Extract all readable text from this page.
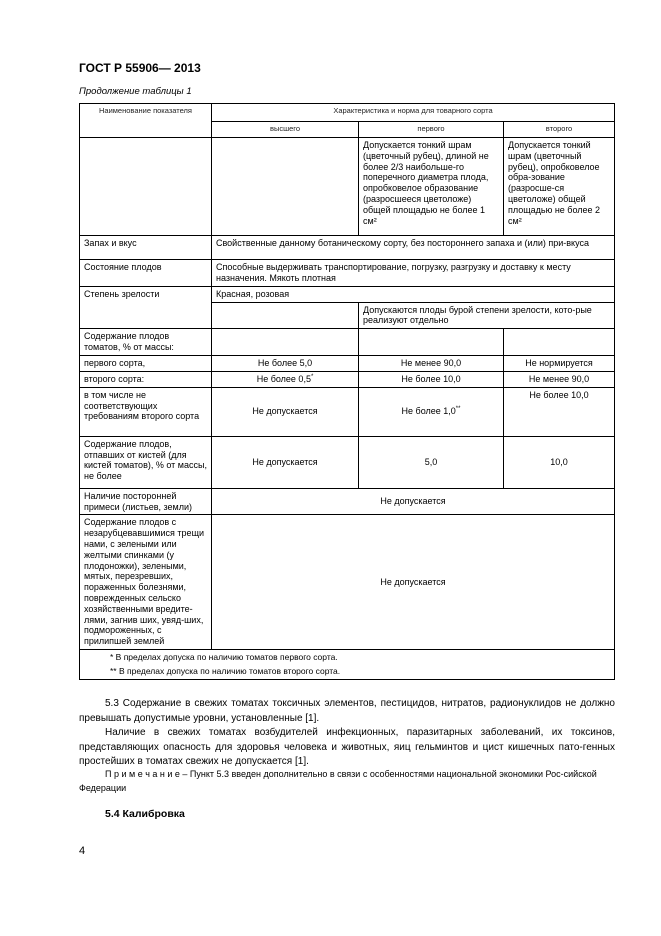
ГОСТ Р 55906— 2013
Продолжение таблицы 1
Наименование показателя	Характеристика и норма для товарного сорта		
	высшего	первого	второго
		Допускается тонкий шрам (цветочный рубец), длиной не более 2/3 наибольше-го поперечного диаметра плода, опробковелое образование (разросшееся цветоложе) общей площадью не более 1 см²	Допускается тонкий шрам (цветочный рубец), опробковелое обра-зование (разросше-ся цветоложе) общей площадью не более 2 см²
Запах и вкус	Свойственные данному ботаническому сорту, без постороннего запаха и (или) при-вкуса		
Состояние плодов	Способные выдерживать транспортирование, погрузку, разгрузку и доставку к месту назначения. Мякоть плотная		
Степень зрелости	Красная, розовая		
		Допускаются плоды бурой степени зрелости, кото-рые реализуют отдельно	
Содержание плодов томатов, % от массы:			
первого сорта,	Не более 5,0	Не менее 90,0	Не нормируется
второго сорта:	Не более 0,5*	Не более 10,0	Не менее 90,0
в том числе не соответствующих требованиям второго сорта	Не допускается	Не более 1,0**	Не более 10,0
Содержание плодов, отпавших от кистей (для кистей томатов), % от массы, не более	Не допускается	5,0	10,0
Наличие посторонней примеси (листьев, земли)	Не допускается		
Содержание плодов с незарубцевавшимися трещи нами, с зелеными или желтыми спинками (у плодоножки), зелеными, мятых, перезревших, пораженных болезнями, поврежденных сельско хозяйственными вредите-лями, загнив ших, увяд-ших, подмороженных, с прилипшей землей	Не допускается		
* В пределах допуска по наличию томатов первого сорта.			
** В пределах допуска по наличию томатов второго сорта.			

5.3 Содержание в свежих томатах токсичных элементов, пестицидов, нитратов, радионуклидов не должно превышать допустимые уровни, установленные [1].

Наличие в свежих томатах возбудителей инфекционных, паразитарных заболеваний, их токсинов, представляющих опасность для здоровья человека и животных, яиц гельминтов и цист кишечных пато-генных простейших в томатах свежих не допускается [1].

П р и м е ч а н и е – Пункт 5.3 введен дополнительно в связи с особенностями национальной экономики Рос-сийской Федерации
5.4 Калибровка
4
